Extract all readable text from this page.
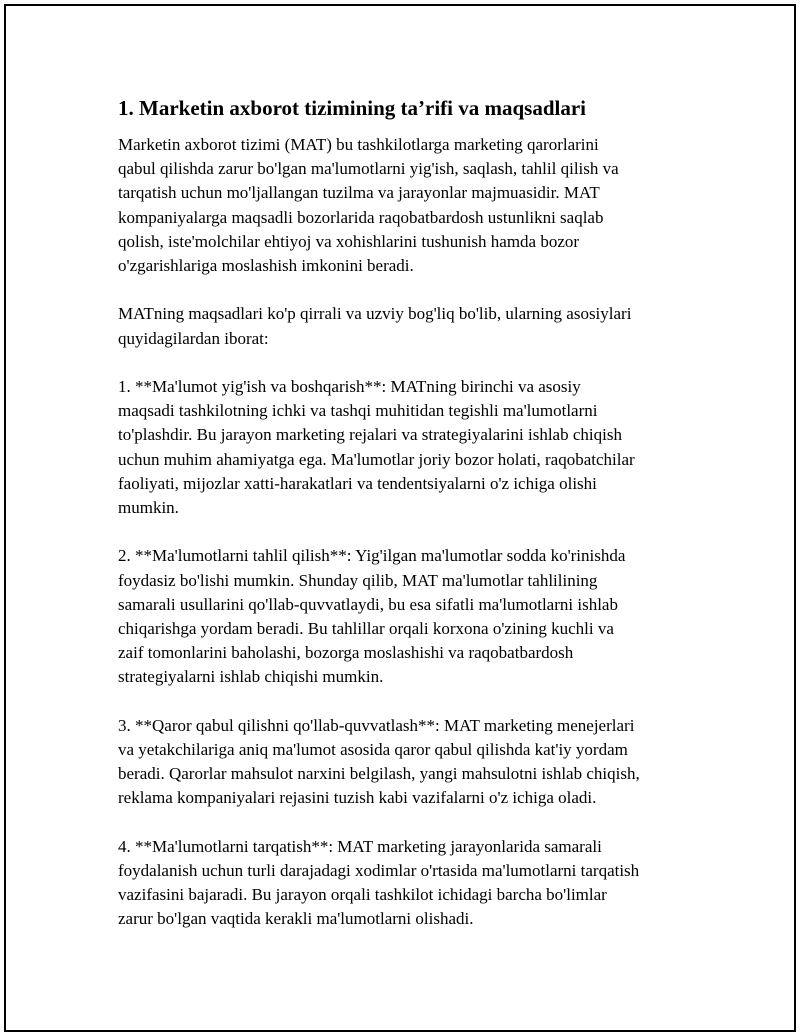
1. Marketin axborot tizimining ta’rifi va maqsadlari
Marketin axborot tizimi (MAT) bu tashkilotlarga marketing qarorlarini
qabul qilishda zarur bo'lgan ma'lumotlarni yig'ish, saqlash, tahlil qilish va
tarqatish uchun mo'ljallangan tuzilma va jarayonlar majmuasidir. MAT
kompaniyalarga maqsadli bozorlarida raqobatbardosh ustunlikni saqlab
qolish, iste'molchilar ehtiyoj va xohishlarini tushunish hamda bozor
o'zgarishlariga moslashish imkonini beradi.
MATning maqsadlari ko'p qirrali va uzviy bog'liq bo'lib, ularning asosiylari
quyidagilardan iborat:
1. **Ma'lumot yig'ish va boshqarish**: MATning birinchi va asosiy
maqsadi tashkilotning ichki va tashqi muhitidan tegishli ma'lumotlarni
to'plashdir. Bu jarayon marketing rejalari va strategiyalarini ishlab chiqish
uchun muhim ahamiyatga ega. Ma'lumotlar joriy bozor holati, raqobatchilar
faoliyati, mijozlar xatti-harakatlari va tendentsiyalarni o'z ichiga olishi
mumkin.
2. **Ma'lumotlarni tahlil qilish**: Yig'ilgan ma'lumotlar sodda ko'rinishda
foydasiz bo'lishi mumkin. Shunday qilib, MAT ma'lumotlar tahlilining
samarali usullarini qo'llab-quvvatlaydi, bu esa sifatli ma'lumotlarni ishlab
chiqarishga yordam beradi. Bu tahlillar orqali korxona o'zining kuchli va
zaif tomonlarini baholashi, bozorga moslashishi va raqobatbardosh
strategiyalarni ishlab chiqishi mumkin.
3. **Qaror qabul qilishni qo'llab-quvvatlash**: MAT marketing menejerlari
va yetakchilariga aniq ma'lumot asosida qaror qabul qilishda kat'iy yordam
beradi. Qarorlar mahsulot narxini belgilash, yangi mahsulotni ishlab chiqish,
reklama kompaniyalari rejasini tuzish kabi vazifalarni o'z ichiga oladi.
4. **Ma'lumotlarni tarqatish**: MAT marketing jarayonlarida samarali
foydalanish uchun turli darajadagi xodimlar o'rtasida ma'lumotlarni tarqatish
vazifasini bajaradi. Bu jarayon orqali tashkilot ichidagi barcha bo'limlar
zarur bo'lgan vaqtida kerakli ma'lumotlarni olishadi.
